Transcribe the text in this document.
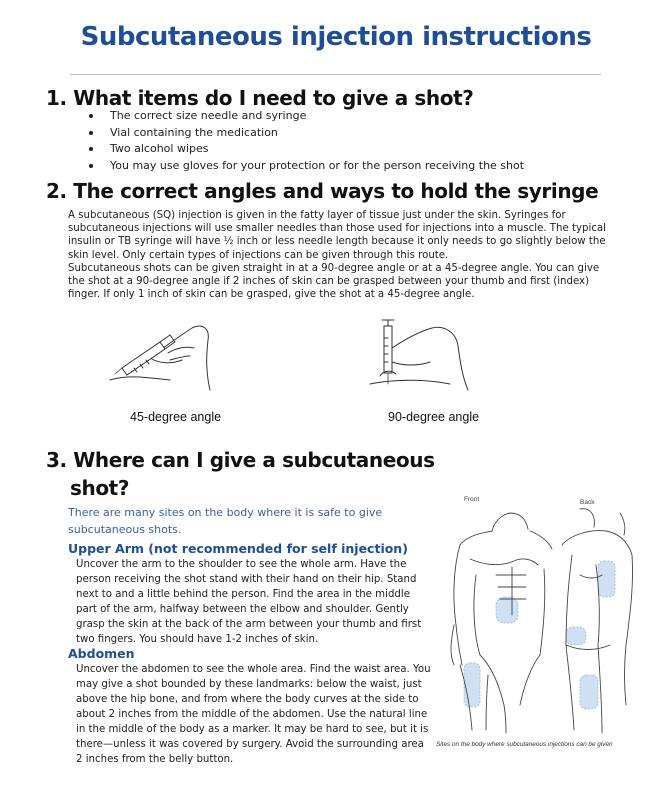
Subcutaneous injection instructions
1. What items do I need to give a shot?
The correct size needle and syringe
Vial containing the medication
Two alcohol wipes
You may use gloves for your protection or for the person receiving the shot
2. The correct angles and ways to hold the syringe

A subcutaneous (SQ) injection is given in the fatty layer of tissue just under the skin. Syringes for subcutaneous injections will use smaller needles than those used for injections into a muscle. The typical insulin or TB syringe will have ½ inch or less needle length because it only needs to go slightly below the skin level. Only certain types of injections can be given through this route.

Subcutaneous shots can be given straight in at a 90-degree angle or at a 45-degree angle. You can give the shot at a 90-degree angle if 2 inches of skin can be grasped between your thumb and first (index) finger. If only 1 inch of skin can be grasped, give the shot at a 45-degree angle.

45-degree angle	90-degree angle
3. Where can I give a subcutaneous
shot?

There are many sites on the body where it is safe to give subcutaneous shots.

Upper Arm (not recommended for self injection)

Uncover the arm to the shoulder to see the whole arm. Have the person receiving the shot stand with their hand on their hip. Stand next to and a little behind the person. Find the area in the middle part of the arm, halfway between the elbow and shoulder. Gently grasp the skin at the back of the arm between your thumb and first two fingers. You should have 1-2 inches of skin.

Abdomen

Uncover the abdomen to see the whole area. Find the waist area. You may give a shot bounded by these landmarks: below the waist, just above the hip bone, and from where the body curves at the side to about 2 inches from the middle of the abdomen. Use the natural line in the middle of the body as a marker. It may be hard to see, but it is there—unless it was covered by surgery. Avoid the surrounding area 2 inches from the belly button.

Front	Back
Sites on the body where subcutaneous injections can be given
